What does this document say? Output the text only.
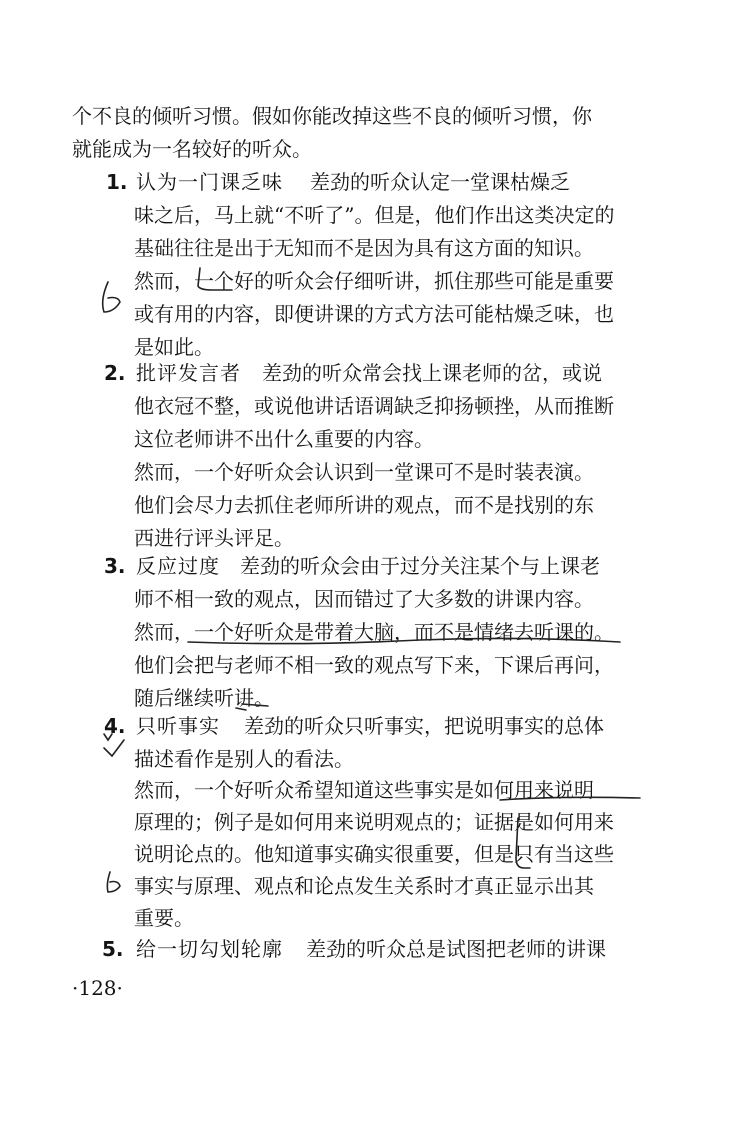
个不良的倾听习惯。假如你能改掉这些不良的倾听习惯，你
就能成为一名较好的听众。
1. 认为一门课乏味 差劲的听众认定一堂课枯燥乏
味之后，马上就“不听了”。但是，他们作出这类决定的
基础往往是出于无知而不是因为具有这方面的知识。
然而，一个好的听众会仔细听讲，抓住那些可能是重要
或有用的内容，即便讲课的方式方法可能枯燥乏味，也
是如此。
2. 批评发言者 差劲的听众常会找上课老师的岔，或说
他衣冠不整，或说他讲话语调缺乏抑扬顿挫，从而推断
这位老师讲不出什么重要的内容。
然而，一个好听众会认识到一堂课可不是时装表演。
他们会尽力去抓住老师所讲的观点，而不是找别的东
西进行评头评足。
3. 反应过度 差劲的听众会由于过分关注某个与上课老
师不相一致的观点，因而错过了大多数的讲课内容。
然而，一个好听众是带着大脑，而不是情绪去听课的。
他们会把与老师不相一致的观点写下来，下课后再问，
随后继续听讲。
4. 只听事实 差劲的听众只听事实，把说明事实的总体
描述看作是别人的看法。
然而，一个好听众希望知道这些事实是如何用来说明
原理的；例子是如何用来说明观点的；证据是如何用来
说明论点的。他知道事实确实很重要，但是只有当这些
事实与原理、观点和论点发生关系时才真正显示出其
重要。
5. 给一切勾划轮廓 差劲的听众总是试图把老师的讲课
·128·
